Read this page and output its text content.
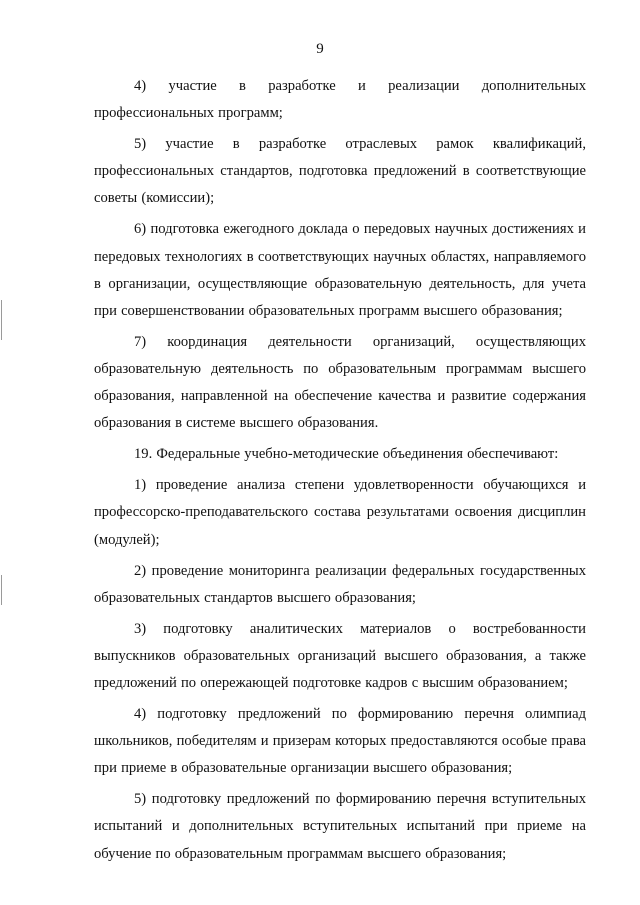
9

4) участие в разработке и реализации дополнительных профессиональных программ;

5) участие в разработке отраслевых рамок квалификаций, профессиональных стандартов, подготовка предложений в соответствующие советы (комиссии);

6) подготовка ежегодного доклада о передовых научных достижениях и передовых технологиях в соответствующих научных областях, направляемого в организации, осуществляющие образовательную деятельность, для учета при совершенствовании образовательных программ высшего образования;

7) координация деятельности организаций, осуществляющих образовательную деятельность по образовательным программам высшего образования, направленной на обеспечение качества и развитие содержания образования в системе высшего образования.

19. Федеральные учебно-методические объединения обеспечивают:

1) проведение анализа степени удовлетворенности обучающихся и профессорско-преподавательского состава результатами освоения дисциплин (модулей);

2) проведение мониторинга реализации федеральных государственных образовательных стандартов высшего образования;

3) подготовку аналитических материалов о востребованности выпускников образовательных организаций высшего образования, а также предложений по опережающей подготовке кадров с высшим образованием;

4) подготовку предложений по формированию перечня олимпиад школьников, победителям и призерам которых предоставляются особые права при приеме в образовательные организации высшего образования;

5) подготовку предложений по формированию перечня вступительных испытаний и дополнительных вступительных испытаний при приеме на обучение по образовательным программам высшего образования;
